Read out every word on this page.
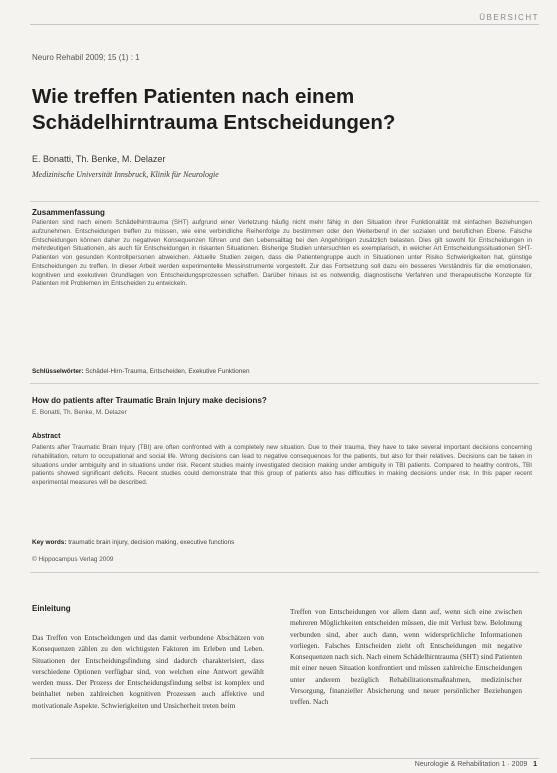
ÜBERSICHT
Neuro Rehabil 2009; 15 (1) : 1
Wie treffen Patienten nach einem
Schädelhirntrauma Entscheidungen?
E. Bonatti, Th. Benke, M. Delazer
Medizinische Universität Innsbruck, Klinik für Neurologie
Zusammenfassung

Patienten sind nach einem Schädelhirntrauma (SHT) aufgrund einer Verletzung häufig nicht mehr fähig in den Situation ihrer Funktionalität mit einfachen Beziehungen aufzunehmen. Entscheidungen treffen zu müssen, wie eine verbindliche Reihenfolge zu bestimmen oder den Weiterberuf in der sozialen und beruflichen Ebene. Falsche Entscheidungen können daher zu negativen Konsequenzen führen und den Lebensalltag bei den Angehörigen zusätzlich belasten. Dies gilt sowohl für Entscheidungen in mehrdeutigen Situationen, als auch für Entscheidungen in riskanten Situationen. Bisherige Studien untersuchten es exemplarisch, in welcher Art Entscheidungssituationen SHT-Patienten von gesunden Kontrollpersonen abweichen. Aktuelle Studien zeigen, dass die Patientengruppe auch in Situationen unter Risiko Schwierigkeiten hat, günstige Entscheidungen zu treffen. In dieser Arbeit werden experimentelle Messinstrumente vorgestellt. Zur das Fortsetzung soll dazu ein besseres Verständnis für die emotionalen, kognitiven und exekutiven Grundlagen von Entscheidungsprozessen schaffen. Darüber hinaus ist es notwendig, diagnostische Verfahren und therapeutische Konzepte für Patienten mit Problemen im Entscheiden zu entwickeln.

Schlüsselwörter: Schädel-Hirn-Trauma, Entscheiden, Exekutive Funktionen
How do patients after Traumatic Brain Injury make decisions?
E. Bonatti, Th. Benke, M. Delazer
Abstract

Patients after Traumatic Brain Injury (TBI) are often confronted with a completely new situation. Due to their trauma, they have to take several important decisions concerning rehabilitation, return to occupational and social life. Wrong decisions can lead to negative consequences for the patients, but also for their relatives. Decisions can be taken in situations under ambiguity and in situations under risk. Recent studies mainly investigated decision making under ambiguity in TBI patients. Compared to healthy controls, TBI patients showed significant deficits. Recent studies could demonstrate that this group of patients also has difficulties in making decisions under risk. In this paper recent experimental measures will be described.

Key words: traumatic brain injury, decision making, executive functions
© Hippocampus Verlag 2009
Einleitung

Das Treffen von Entscheidungen und das damit verbundene Abschätzen von Konsequenzen zählen zu den wichtigsten Faktoren im Erleben und Leben. Situationen der Entscheidungsfindung sind dadurch charakterisiert, dass verschiedene Optionen verfügbar sind, von welchen eine Antwort gewählt werden muss. Der Prozess der Entscheidungsfindung selbst ist komplex und beinhaltet neben zahlreichen kognitiven Prozessen auch affektive und motivationale Aspekte. Schwierigkeiten und Unsicherheit treten beim

Treffen von Entscheidungen vor allem dann auf, wenn sich eine zwischen mehreren Möglichkeiten entscheiden müssen, die mit Verlust bzw. Belohnung verbunden sind, aber auch dann, wenn widersprüchliche Informationen vorliegen. Falsches Entscheiden zieht oft Entscheidungen mit negative Konsequenzen nach sich. Nach einem Schädelhirntrauma (SHT) sind Patienten mit einer neuen Situation konfrontiert und müssen zahlreiche Entscheidungen unter anderem bezüglich Rehabilitationsmaßnahmen, medizinischer Versorgung, finanzieller Absicherung und neuer persönlicher Beziehungen treffen. Nach

Neurologie & Rehabilitation 1 · 2009 1
